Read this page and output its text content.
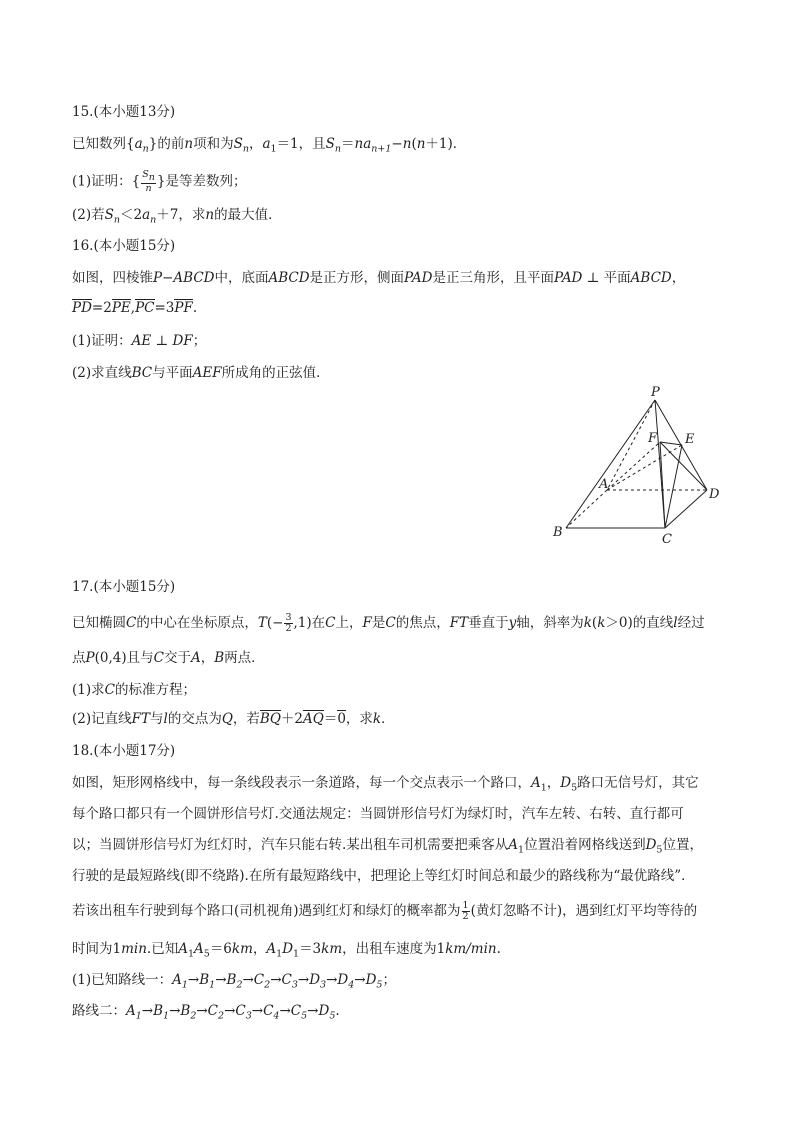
15.(本小题13分)
已知数列$\{a_n\}$的前n项和为$S_n$，$a_1=1$，且$S_n=na_{n+1}-n(n+1)$．
(1)证明：{ $\frac{S_n}{n}$ }是等差数列；
(2)若$S_n<2a_n+7$，求n的最大值．
16.(本小题15分)
如图，四棱锥P−ABCD中，底面ABCD是正方形，侧面PAD是正三角形，且平面PAD ⊥ 平面ABCD，
PD=2PE,PC=3PF.
(1)证明：AE ⊥ DF；
(2)求直线BC与平面AEF所成角的正弦值．
P
F E
A
D
B	C
17.(本小题15分)
已知椭圆C的中心在坐标原点，$T(- \frac{3}{2} ,1)$在C上，F是C的焦点，FT垂直于y轴，斜率为k(k＞0)的直线l经过
点P(0,4)且与C交于A，B两点．
(1)求C的标准方程；
(2)记直线FT与l的交点为Q，若BQ＋2AQ＝0，求k．
18.(本小题17分)
如图，矩形网格线中，每一条线段表示一条道路，每一个交点表示一个路口，$A_1$，$D_5$路口无信号灯，其它
每个路口都只有一个圆饼形信号灯.交通法规定：当圆饼形信号灯为绿灯时，汽车左转、右转、直行都可
以；当圆饼形信号灯为红灯时，汽车只能右转.某出租车司机需要把乘客从$A_1$位置沿着网格线送到$D_5$位置，
行驶的是最短路线(即不绕路).在所有最短路线中，把理论上等红灯时间总和最少的路线称为“最优路线”．
若该出租车行驶到每个路口(司机视角)遇到红灯和绿灯的概率都为 $\frac{1}{2}$ (黄灯忽略不计)，遇到红灯平均等待的
时间为1min.已知$A_1A_5=6km$，$A_1D_1=3km$，出租车速度为1km/min.
(1)已知路线一：$A_1\to B_1\to B_2\to C_2\to C_3\to D_3\to D_4\to D_5$；
路线二：$A_1\to B_1\to B_2\to C_2\to C_3\to C_4\to C_5\to D_5$.
